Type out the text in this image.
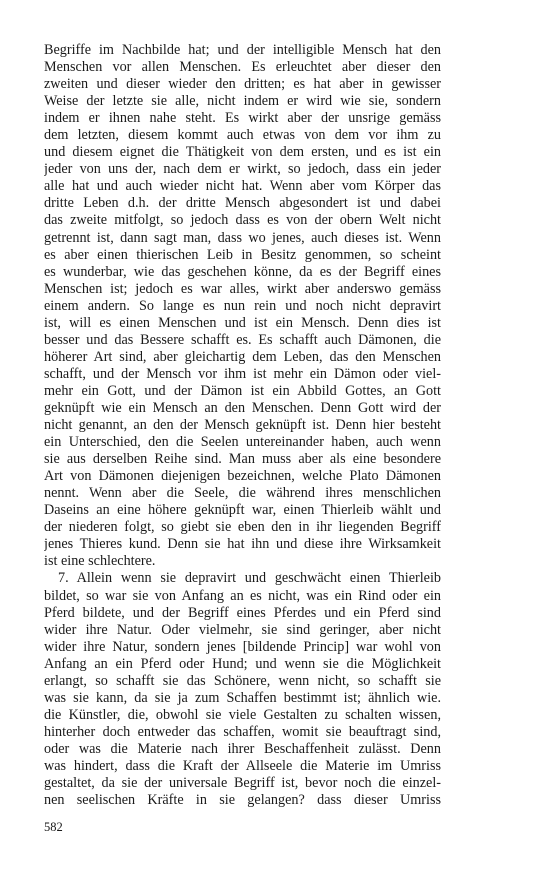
Begriffe im Nachbilde hat; und der intelligible Mensch hat den
Menschen vor allen Menschen. Es erleuchtet aber dieser den
zweiten und dieser wieder den dritten; es hat aber in gewisser
Weise der letzte sie alle, nicht indem er wird wie sie, sondern
indem er ihnen nahe steht. Es wirkt aber der unsrige gemäss
dem letzten, diesem kommt auch etwas von dem vor ihm zu
und diesem eignet die Thätigkeit von dem ersten, und es ist ein
jeder von uns der, nach dem er wirkt, so jedoch, dass ein jeder
alle hat und auch wieder nicht hat. Wenn aber vom Körper das
dritte Leben d.h. der dritte Mensch abgesondert ist und dabei
das zweite mitfolgt, so jedoch dass es von der obern Welt nicht
getrennt ist, dann sagt man, dass wo jenes, auch dieses ist. Wenn
es aber einen thierischen Leib in Besitz genommen, so scheint
es wunderbar, wie das geschehen könne, da es der Begriff eines
Menschen ist; jedoch es war alles, wirkt aber anderswo gemäss
einem andern. So lange es nun rein und noch nicht depravirt
ist, will es einen Menschen und ist ein Mensch. Denn dies ist
besser und das Bessere schafft es. Es schafft auch Dämonen, die
höherer Art sind, aber gleichartig dem Leben, das den Menschen
schafft, und der Mensch vor ihm ist mehr ein Dämon oder viel-
mehr ein Gott, und der Dämon ist ein Abbild Gottes, an Gott
geknüpft wie ein Mensch an den Menschen. Denn Gott wird der
nicht genannt, an den der Mensch geknüpft ist. Denn hier besteht
ein Unterschied, den die Seelen untereinander haben, auch wenn
sie aus derselben Reihe sind. Man muss aber als eine besondere
Art von Dämonen diejenigen bezeichnen, welche Plato Dämonen
nennt. Wenn aber die Seele, die während ihres menschlichen
Daseins an eine höhere geknüpft war, einen Thierleib wählt und
der niederen folgt, so giebt sie eben den in ihr liegenden Begriff
jenes Thieres kund. Denn sie hat ihn und diese ihre Wirksamkeit
ist eine schlechtere.
7. Allein wenn sie depravirt und geschwächt einen Thierleib
bildet, so war sie von Anfang an es nicht, was ein Rind oder ein
Pferd bildete, und der Begriff eines Pferdes und ein Pferd sind
wider ihre Natur. Oder vielmehr, sie sind geringer, aber nicht
wider ihre Natur, sondern jenes [bildende Princip] war wohl von
Anfang an ein Pferd oder Hund; und wenn sie die Möglichkeit
erlangt, so schafft sie das Schönere, wenn nicht, so schafft sie
was sie kann, da sie ja zum Schaffen bestimmt ist; ähnlich wie.
die Künstler, die, obwohl sie viele Gestalten zu schalten wissen,
hinterher doch entweder das schaffen, womit sie beauftragt sind,
oder was die Materie nach ihrer Beschaffenheit zulässt. Denn
was hindert, dass die Kraft der Allseele die Materie im Umriss
gestaltet, da sie der universale Begriff ist, bevor noch die einzel-
nen seelischen Kräfte in sie gelangen? dass dieser Umriss
582
